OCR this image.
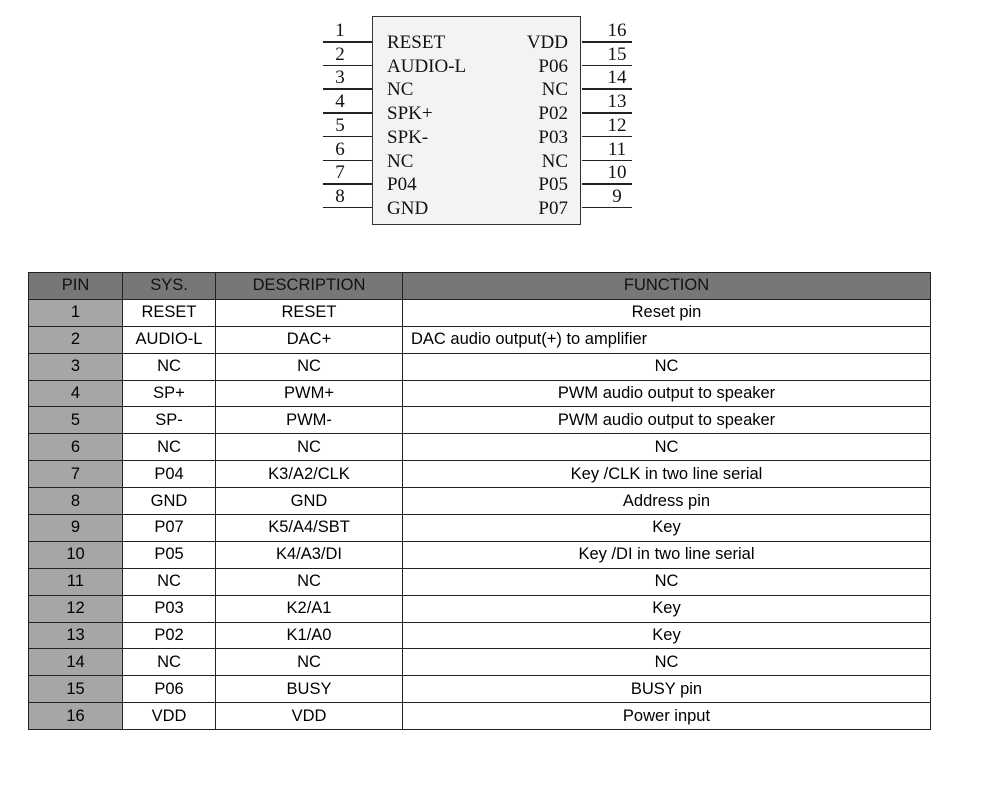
RESET
1
AUDIO-L
2
NC
3
SPK+
4
SPK-
5
NC
6
P04
7
GND
8
VDD
16
P06
15
NC
14
P02
13
P03
12
NC
11
P05
10
P07
9
PIN	SYS.	DESCRIPTION	FUNCTION
1	RESET	RESET	Reset pin
2	AUDIO-L	DAC+	DAC audio output(+) to amplifier
3	NC	NC	NC
4	SP+	PWM+	PWM audio output to speaker
5	SP-	PWM-	PWM audio output to speaker
6	NC	NC	NC
7	P04	K3/A2/CLK	Key /CLK in two line serial
8	GND	GND	Address pin
9	P07	K5/A4/SBT	Key
10	P05	K4/A3/DI	Key /DI in two line serial
11	NC	NC	NC
12	P03	K2/A1	Key
13	P02	K1/A0	Key
14	NC	NC	NC
15	P06	BUSY	BUSY pin
16	VDD	VDD	Power input
